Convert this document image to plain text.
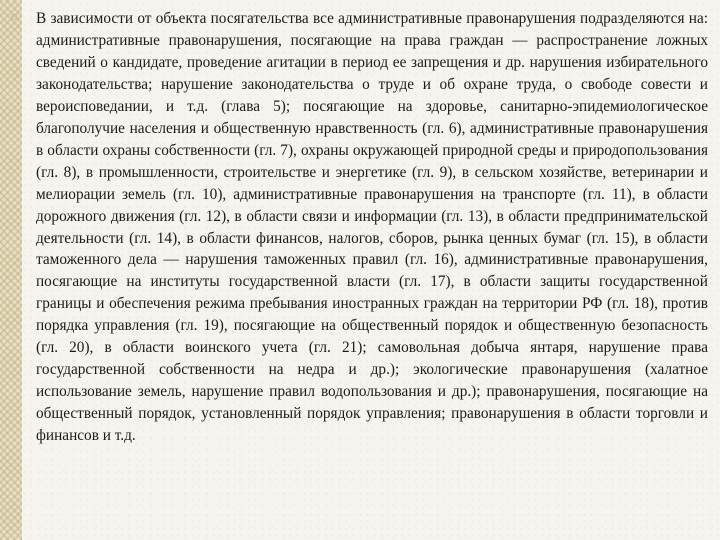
○ В зависимости от объекта посягательства все административные правонарушения подразделяются на: административные правонарушения, посягающие на права граждан — распространение ложных сведений о кандидате, проведение агитации в период ее запрещения и др. нарушения избирательного законодательства; нарушение законодательства о труде и об охране труда, о свободе совести и вероисповедании, и т.д. (глава 5); посягающие на здоровье, санитарно-эпидемиологическое благополучие населения и общественную нравственность (гл. 6), административные правонарушения в области охраны собственности (гл. 7), охраны окружающей природной среды и природопользования (гл. 8), в промышленности, строительстве и энергетике (гл. 9), в сельском хозяйстве, ветеринарии и мелиорации земель (гл. 10), административные правонарушения на транспорте (гл. 11), в области дорожного движения (гл. 12), в области связи и информации (гл. 13), в области предпринимательской деятельности (гл. 14), в области финансов, налогов, сборов, рынка ценных бумаг (гл. 15), в области таможенного дела — нарушения таможенных правил (гл. 16), административные правонарушения, посягающие на институты государственной власти (гл. 17), в области защиты государственной границы и обеспечения режима пребывания иностранных граждан на территории РФ (гл. 18), против порядка управления (гл. 19), посягающие на общественный порядок и общественную безопасность (гл. 20), в области воинского учета (гл. 21); самовольная добыча янтаря, нарушение права государственной собственности на недра и др.); экологические правонарушения (халатное использование земель, нарушение правил водопользования и др.); правонарушения, посягающие на общественный порядок, установленный порядок управления; правонарушения в области торговли и финансов и т.д.
